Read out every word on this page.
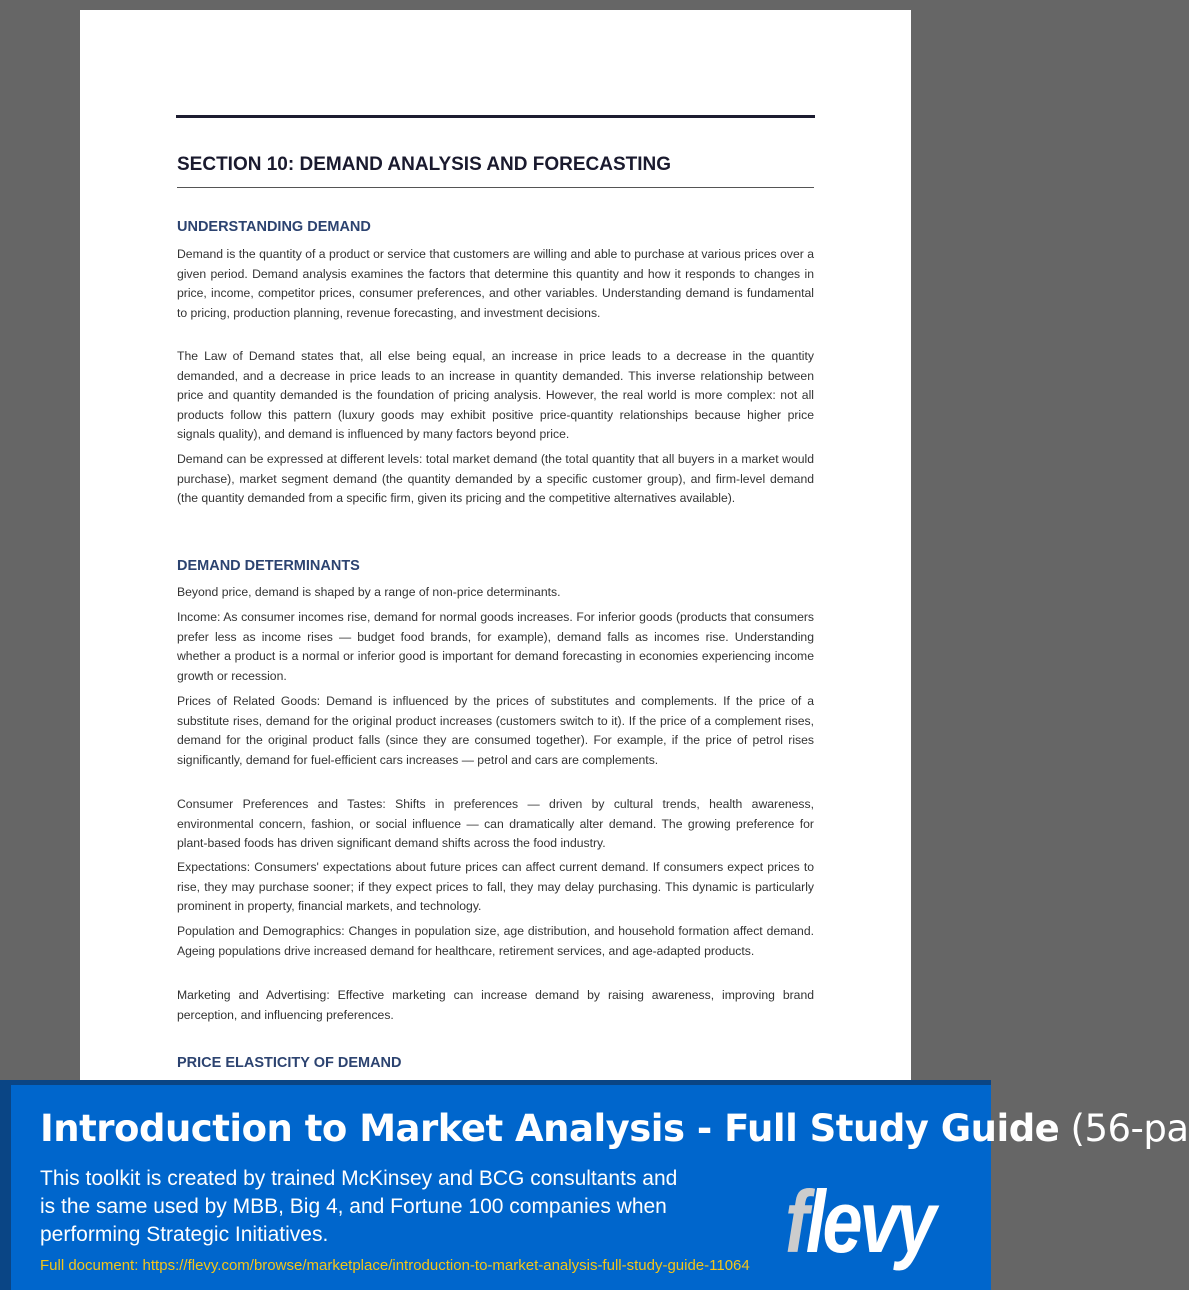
SECTION 10: DEMAND ANALYSIS AND FORECASTING
UNDERSTANDING DEMAND

Demand is the quantity of a product or service that customers are willing and able to purchase at various prices over a given period. Demand analysis examines the factors that determine this quantity and how it responds to changes in price, income, competitor prices, consumer preferences, and other variables. Understanding demand is fundamental to pricing, production planning, revenue forecasting, and investment decisions.

The Law of Demand states that, all else being equal, an increase in price leads to a decrease in the quantity demanded, and a decrease in price leads to an increase in quantity demanded. This inverse relationship between price and quantity demanded is the foundation of pricing analysis. However, the real world is more complex: not all products follow this pattern (luxury goods may exhibit positive price-quantity relationships because higher price signals quality), and demand is influenced by many factors beyond price.

Demand can be expressed at different levels: total market demand (the total quantity that all buyers in a market would purchase), market segment demand (the quantity demanded by a specific customer group), and firm-level demand (the quantity demanded from a specific firm, given its pricing and the competitive alternatives available).

DEMAND DETERMINANTS

Beyond price, demand is shaped by a range of non-price determinants.

Income: As consumer incomes rise, demand for normal goods increases. For inferior goods (products that consumers prefer less as income rises — budget food brands, for example), demand falls as incomes rise. Understanding whether a product is a normal or inferior good is important for demand forecasting in economies experiencing income growth or recession.

Prices of Related Goods: Demand is influenced by the prices of substitutes and complements. If the price of a substitute rises, demand for the original product increases (customers switch to it). If the price of a complement rises, demand for the original product falls (since they are consumed together). For example, if the price of petrol rises significantly, demand for fuel-efficient cars increases — petrol and cars are complements.

Consumer Preferences and Tastes: Shifts in preferences — driven by cultural trends, health awareness, environmental concern, fashion, or social influence — can dramatically alter demand. The growing preference for plant-based foods has driven significant demand shifts across the food industry.

Expectations: Consumers' expectations about future prices can affect current demand. If consumers expect prices to rise, they may purchase sooner; if they expect prices to fall, they may delay purchasing. This dynamic is particularly prominent in property, financial markets, and technology.

Population and Demographics: Changes in population size, age distribution, and household formation affect demand. Ageing populations drive increased demand for healthcare, retirement services, and age-adapted products.

Marketing and Advertising: Effective marketing can increase demand by raising awareness, improving brand perception, and influencing preferences.

PRICE ELASTICITY OF DEMAND
Introduction to Market Analysis - Full Study Guide (56-pa
This toolkit is created by trained McKinsey and BCG consultants and is the same used by MBB, Big 4, and Fortune 100 companies when performing Strategic Initiatives.
Full document: https://flevy.com/browse/marketplace/introduction-to-market-analysis-full-study-guide-11064 flevy
